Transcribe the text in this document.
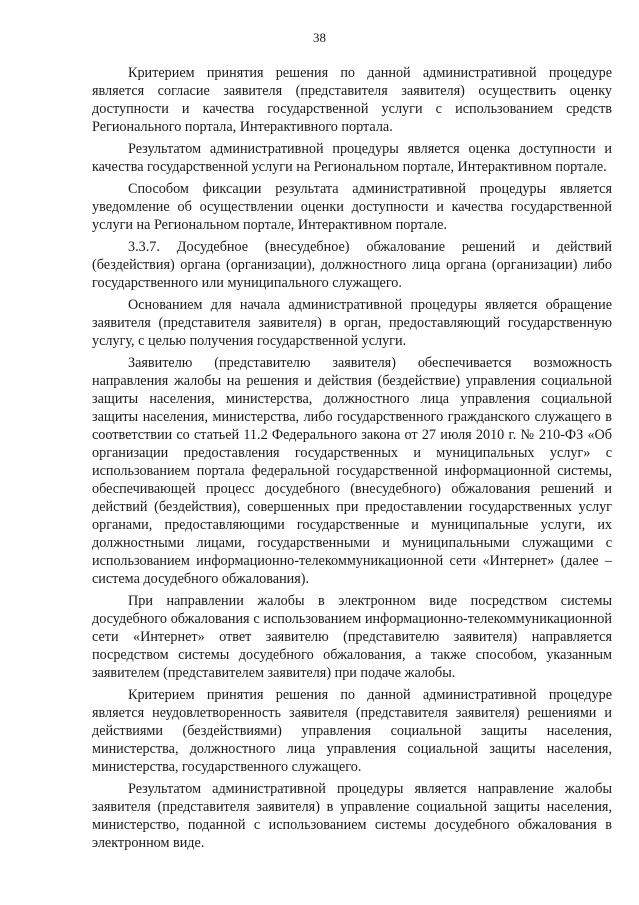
38

Критерием принятия решения по данной административной процедуре является согласие заявителя (представителя заявителя) осуществить оценку доступности и качества государственной услуги с использованием средств Регионального портала, Интерактивного портала.

Результатом административной процедуры является оценка доступности и качества государственной услуги на Региональном портале, Интерактивном портале.

Способом фиксации результата административной процедуры является уведомление об осуществлении оценки доступности и качества государственной услуги на Региональном портале, Интерактивном портале.

3.3.7. Досудебное (внесудебное) обжалование решений и действий (бездействия) органа (организации), должностного лица органа (организации) либо государственного или муниципального служащего.

Основанием для начала административной процедуры является обращение заявителя (представителя заявителя) в орган, предоставляющий государственную услугу, с целью получения государственной услуги.

Заявителю (представителю заявителя) обеспечивается возможность направления жалобы на решения и действия (бездействие) управления социальной защиты населения, министерства, должностного лица управления социальной защиты населения, министерства, либо государственного гражданского служащего в соответствии со статьей 11.2 Федерального закона от 27 июля 2010 г. № 210-ФЗ «Об организации предоставления государственных и муниципальных услуг» с использованием портала федеральной государственной информационной системы, обеспечивающей процесс досудебного (внесудебного) обжалования решений и действий (бездействия), совершенных при предоставлении государственных услуг органами, предоставляющими государственные и муниципальные услуги, их должностными лицами, государственными и муниципальными служащими с использованием информационно-телекоммуникационной сети «Интернет» (далее – система досудебного обжалования).

При направлении жалобы в электронном виде посредством системы досудебного обжалования с использованием информационно-телекоммуникационной сети «Интернет» ответ заявителю (представителю заявителя) направляется посредством системы досудебного обжалования, а также способом, указанным заявителем (представителем заявителя) при подаче жалобы.

Критерием принятия решения по данной административной процедуре является неудовлетворенность заявителя (представителя заявителя) решениями и действиями (бездействиями) управления социальной защиты населения, министерства, должностного лица управления социальной защиты населения, министерства, государственного служащего.

Результатом административной процедуры является направление жалобы заявителя (представителя заявителя) в управление социальной защиты населения, министерство, поданной с использованием системы досудебного обжалования в электронном виде.
